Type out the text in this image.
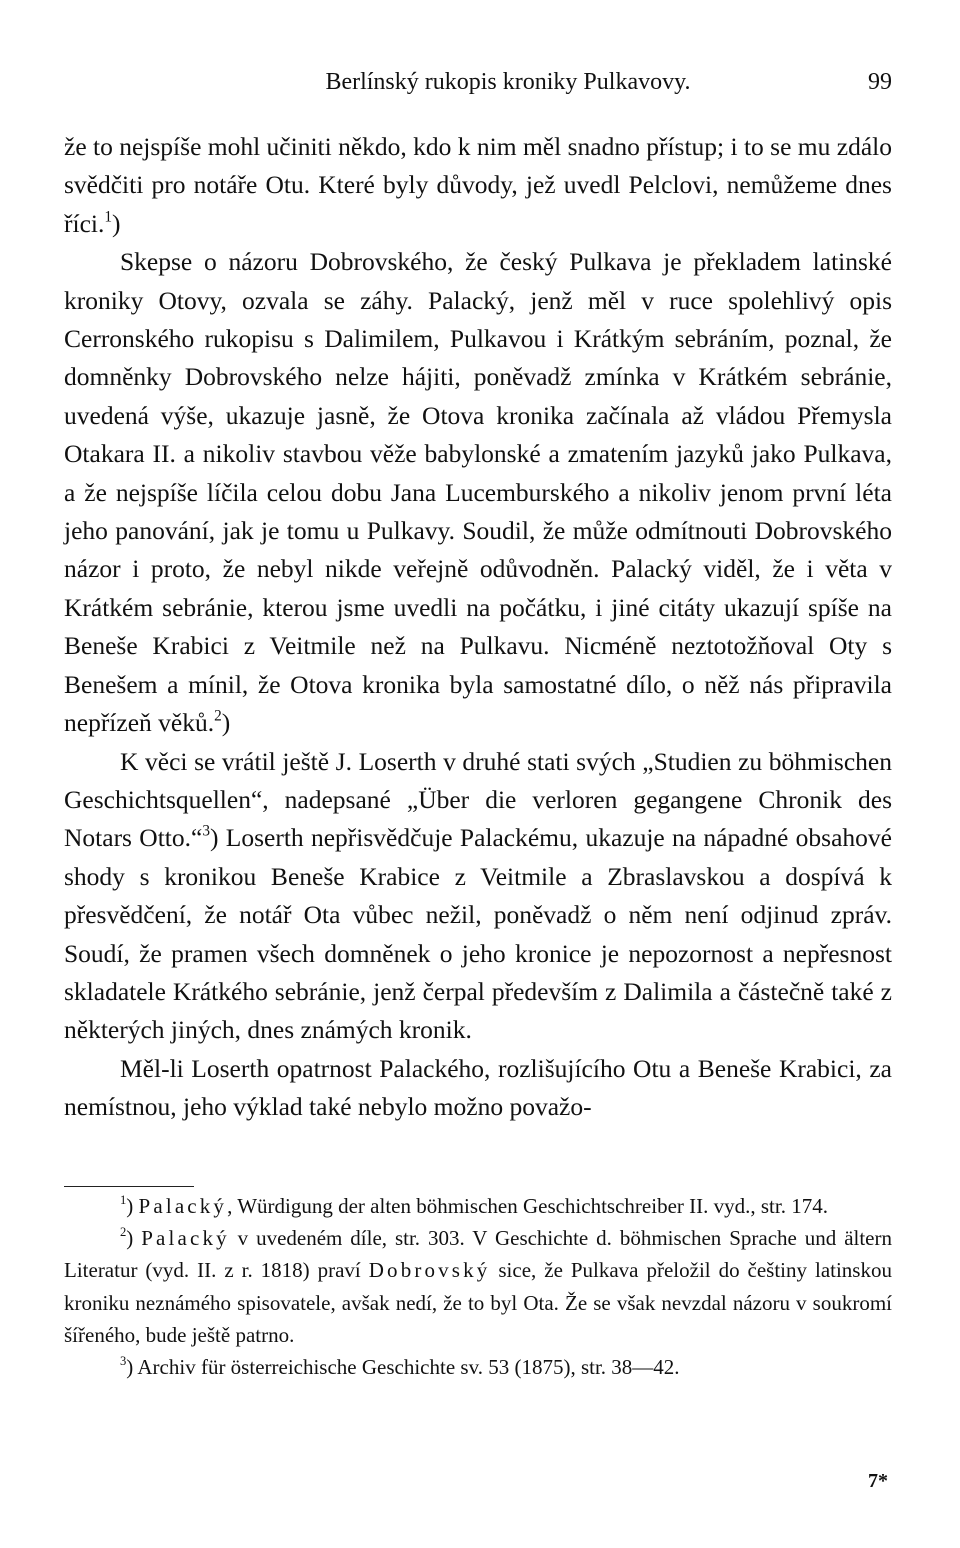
Berlínský rukopis kroniky Pulkavovy.	99

že to nejspíše mohl učiniti někdo, kdo k nim měl snadno přístup; i to se mu zdálo svědčiti pro notáře Otu. Které byly důvody, jež uvedl Pelclovi, nemůžeme dnes říci.$^1$)

Skepse o názoru Dobrovského, že český Pulkava je překladem latinské kroniky Otovy, ozvala se záhy. Palacký, jenž měl v ruce spolehlivý opis Cerronského rukopisu s Dalimilem, Pulkavou i Krátkým sebráním, poznal, že domněnky Dobrovského nelze hájiti, poněvadž zmínka v Krátkém sebránie, uvedená výše, ukazuje jasně, že Otova kronika začínala až vládou Přemysla Otakara II. a nikoliv stavbou věže babylonské a zmatením jazyků jako Pulkava, a že nejspíše líčila celou dobu Jana Lucemburského a nikoliv jenom první léta jeho panování, jak je tomu u Pulkavy. Soudil, že může odmítnouti Dobrovského názor i proto, že nebyl nikde veřejně odůvodněn. Palacký viděl, že i věta v Krátkém sebránie, kterou jsme uvedli na počátku, i jiné citáty ukazují spíše na Beneše Krabici z Veitmile než na Pulkavu. Nicméně neztotožňoval Oty s Benešem a mínil, že Otova kronika byla samostatné dílo, o něž nás připravila nepřízeň věků.$^2$)

K věci se vrátil ještě J. Loserth v druhé stati svých „Studien zu böhmischen Geschichtsquellen“, nadepsané „Über die verloren gegangene Chronik des Notars Otto.“$^3$) Loserth nepřisvědčuje Palackému, ukazuje na nápadné obsahové shody s kronikou Beneše Krabice z Veitmile a Zbraslavskou a dospívá k přesvědčení, že notář Ota vůbec nežil, poněvadž o něm není odjinud zpráv. Soudí, že pramen všech domněnek o jeho kronice je nepozornost a nepřesnost skladatele Krátkého sebránie, jenž čerpal především z Dalimila a částečně také z některých jiných, dnes známých kronik.

Měl-li Loserth opatrnost Palackého, rozlišujícího Otu a Beneše Krabici, za nemístnou, jeho výklad také nebylo možno považo-

$^1$) Palacký, Würdigung der alten böhmischen Geschichtschreiber II. vyd., str. 174.

$^2$) Palacký v uvedeném díle, str. 303. V Geschichte d. böhmischen Sprache und ältern Literatur (vyd. II. z r. 1818) praví Dobrovský sice, že Pulkava přeložil do češtiny latinskou kroniku neznámého spisovatele, avšak nedí, že to byl Ota. Že se však nevzdal názoru v soukromí šířeného, bude ještě patrno.

$^3$) Archiv für österreichische Geschichte sv. 53 (1875), str. 38—42.

7*
